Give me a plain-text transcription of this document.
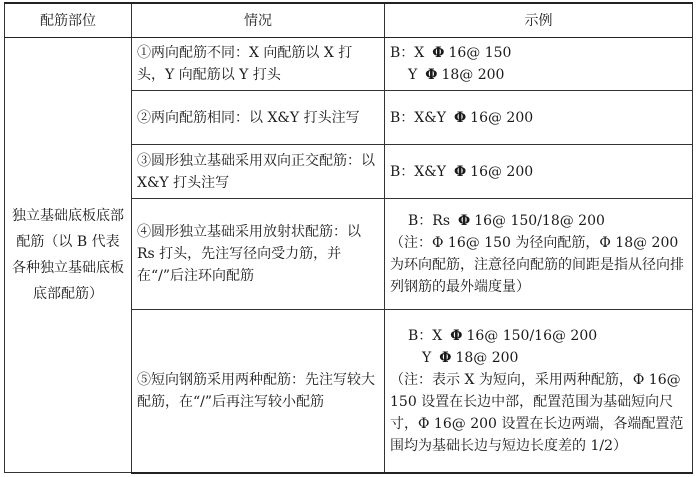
配筋部位	情况	示例
独立基础底板底部配筋（以 B 代表各种独立基础底板底部配筋）	①两向配筋不同：X 向配筋以 X 打头，Y 向配筋以 Y 打头	B：X Φ 16@ 150
Y Φ 18@ 200

	②两向配筋相同：以 X&Y 打头注写	B：X&Y Φ 16@ 200

	③圆形独立基础采用双向正交配筋：以 X&Y 打头注写	B：X&Y Φ 16@ 200

	④圆形独立基础采用放射状配筋：以 Rs 打头，先注写径向受力筋，并在“/”后注环向配筋	B：Rs Φ 16@ 150/18@ 200
（注：Φ 16@ 150 为径向配筋，Φ 18@ 200 为环向配筋，注意径向配筋的间距是指从径向排列钢筋的最外端度量）

	⑤短向钢筋采用两种配筋：先注写较大配筋，在“/”后再注写较小配筋	B：X Φ 16@ 150/16@ 200
Y Φ 18@ 200
（注：表示 X 为短向，采用两种配筋，Φ 16@ 150 设置在长边中部，配置范围为基础短向尺寸，Φ 16@ 200 设置在长边两端，各端配置范围均为基础长边与短边长度差的 1/2）
